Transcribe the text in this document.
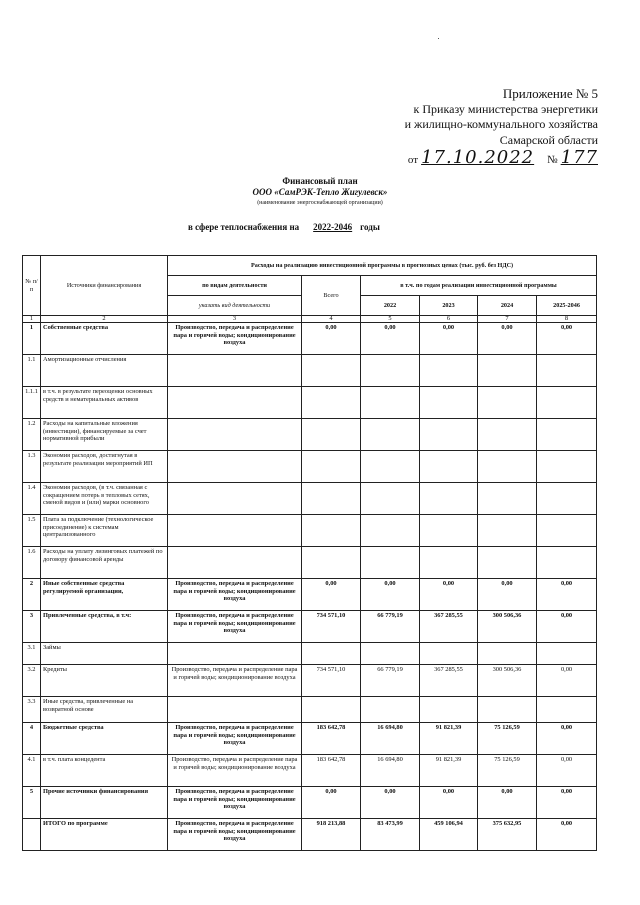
Приложение № 5
к Приказу министерства энергетики
и жилищно-коммунального хозяйства
Самарской области
от 17.10.2022 № 177
Финансовый план
ООО «СамРЭК-Тепло Жигулевск»
(наименование энергоснабжающей организации)
в сфере теплоснабжения на 2022-2046 годы
№ п/п	Источники финансирования	Расходы на реализацию инвестиционной программы в прогнозных ценах (тыс. руб. без НДС)					
		по видам деятельности	Всего	в т.ч. по годам реализации инвестиционной программы			
		указать вид деятельности		2022	2023	2024	2025-2046
1	2	3	4	5	6	7	8
1	Собственные средства	Производство, передача и распределение пара и горячей воды; кондиционирование воздуха	0,00	0,00	0,00	0,00	0,00
1.1	Амортизационные отчисления						
1.1.1	в т.ч. в результате переоценки основных средств и нематериальных активов						
1.2	Расходы на капитальные вложения (инвестиции), финансируемые за счет нормативной прибыли						
1.3	Экономия расходов, достигнутая в результате реализации мероприятий ИП						
1.4	Экономия расходов, (в т.ч. связанная с сокращением потерь в тепловых сетях, сменой видов и (или) марки основного						
1.5	Плата за подключение (технологическое присоединение) к системам централизованного						
1.6	Расходы на уплату лизинговых платежей по договору финансовой аренды						
2	Иные собственные средства регулируемой организации,	Производство, передача и распределение пара и горячей воды; кондиционирование воздуха	0,00	0,00	0,00	0,00	0,00
3	Привлеченные средства, в т.ч:	Производство, передача и распределение пара и горячей воды; кондиционирование воздуха	734 571,10	66 779,19	367 285,55	300 506,36	0,00
3.1	Займы						
3.2	Кредиты	Производство, передача и распределение пара и горячей воды; кондиционирование воздуха	734 571,10	66 779,19	367 285,55	300 506,36	0,00
3.3	Иные средства, привлеченные на возвратной основе						
4	Бюджетные средства	Производство, передача и распределение пара и горячей воды; кондиционирование воздуха	183 642,78	16 694,80	91 821,39	75 126,59	0,00
4.1	в т.ч. плата концедента	Производство, передача и распределение пара и горячей воды; кондиционирование воздуха	183 642,78	16 694,80	91 821,39	75 126,59	0,00
5	Прочие источники финансирования	Производство, передача и распределение пара и горячей воды; кондиционирование воздуха	0,00	0,00	0,00	0,00	0,00
	ИТОГО по программе	Производство, передача и распределение пара и горячей воды; кондиционирование воздуха	918 213,88	83 473,99	459 106,94	375 632,95	0,00
